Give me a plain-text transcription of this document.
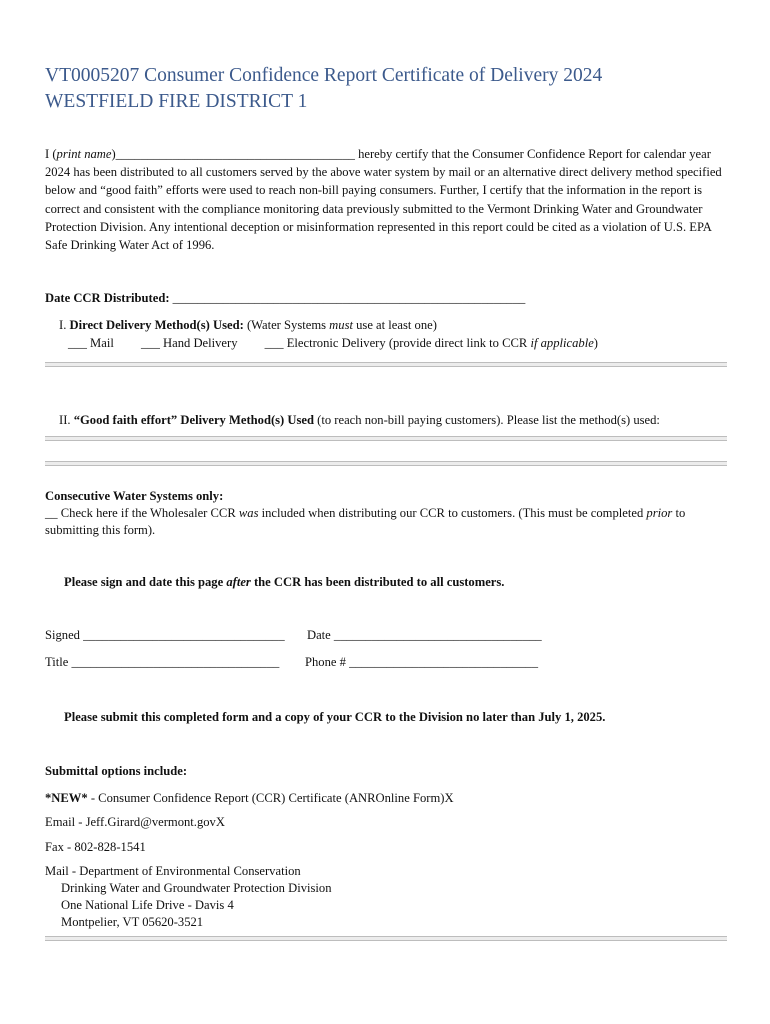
VT0005207 Consumer Confidence Report Certificate of Delivery 2024
WESTFIELD FIRE DISTRICT 1
I (print name)______________________________________ hereby certify that the Consumer Confidence Report for calendar year 2024 has been distributed to all customers served by the above water system by mail or an alternative direct delivery method specified below and “good faith” efforts were used to reach non-bill paying consumers. Further, I certify that the information in the report is correct and consistent with the compliance monitoring data previously submitted to the Vermont Drinking Water and Groundwater Protection Division. Any intentional deception or misinformation represented in this report could be cited as a violation of U.S. EPA Safe Drinking Water Act of 1996.
Date CCR Distributed: ________________________________________________________
I. Direct Delivery Method(s) Used: (Water Systems must use at least one)
___ Mail ___ Hand Delivery ___ Electronic Delivery (provide direct link to CCR if applicable)
II. “Good faith effort” Delivery Method(s) Used (to reach non-bill paying customers). Please list the method(s) used:
Consecutive Water Systems only:
__ Check here if the Wholesaler CCR was included when distributing our CCR to customers. (This must be completed prior to
submitting this form).
Please sign and date this page after the CCR has been distributed to all customers.
Signed ________________________________ Date _________________________________
Title _________________________________ Phone # ______________________________
Please submit this completed form and a copy of your CCR to the Division no later than July 1, 2025.
Submittal options include:
*NEW* - Consumer Confidence Report (CCR) Certificate (ANROnline Form)X
Email - Jeff.Girard@vermont.govX
Fax - 802-828-1541
Mail - Department of Environmental Conservation
Drinking Water and Groundwater Protection Division
One National Life Drive - Davis 4
Montpelier, VT 05620-3521
